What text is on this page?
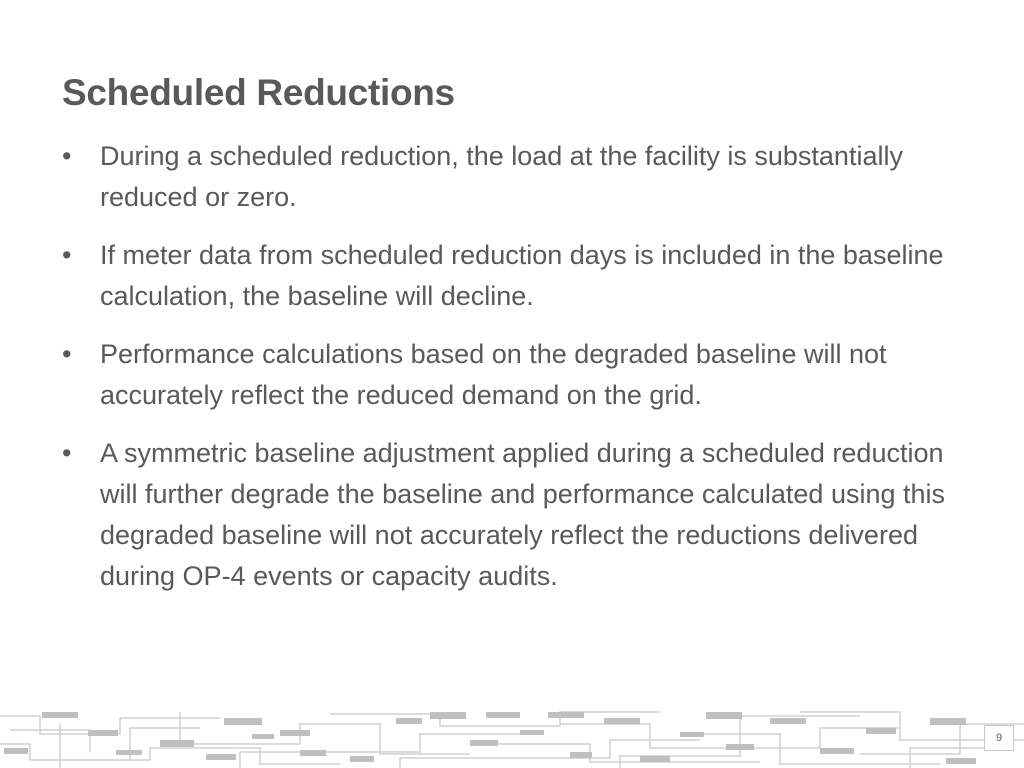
Scheduled Reductions
•	During a scheduled reduction, the load at the facility is substantially reduced or zero.
•	If meter data from scheduled reduction days is included in the baseline calculation, the baseline will decline.
•	Performance calculations based on the degraded baseline will not accurately reflect the reduced demand on the grid.
•	A symmetric baseline adjustment applied during a scheduled reduction will further degrade the baseline and performance calculated using this degraded baseline will not accurately reflect the reductions delivered during OP-4 events or capacity audits.
9
